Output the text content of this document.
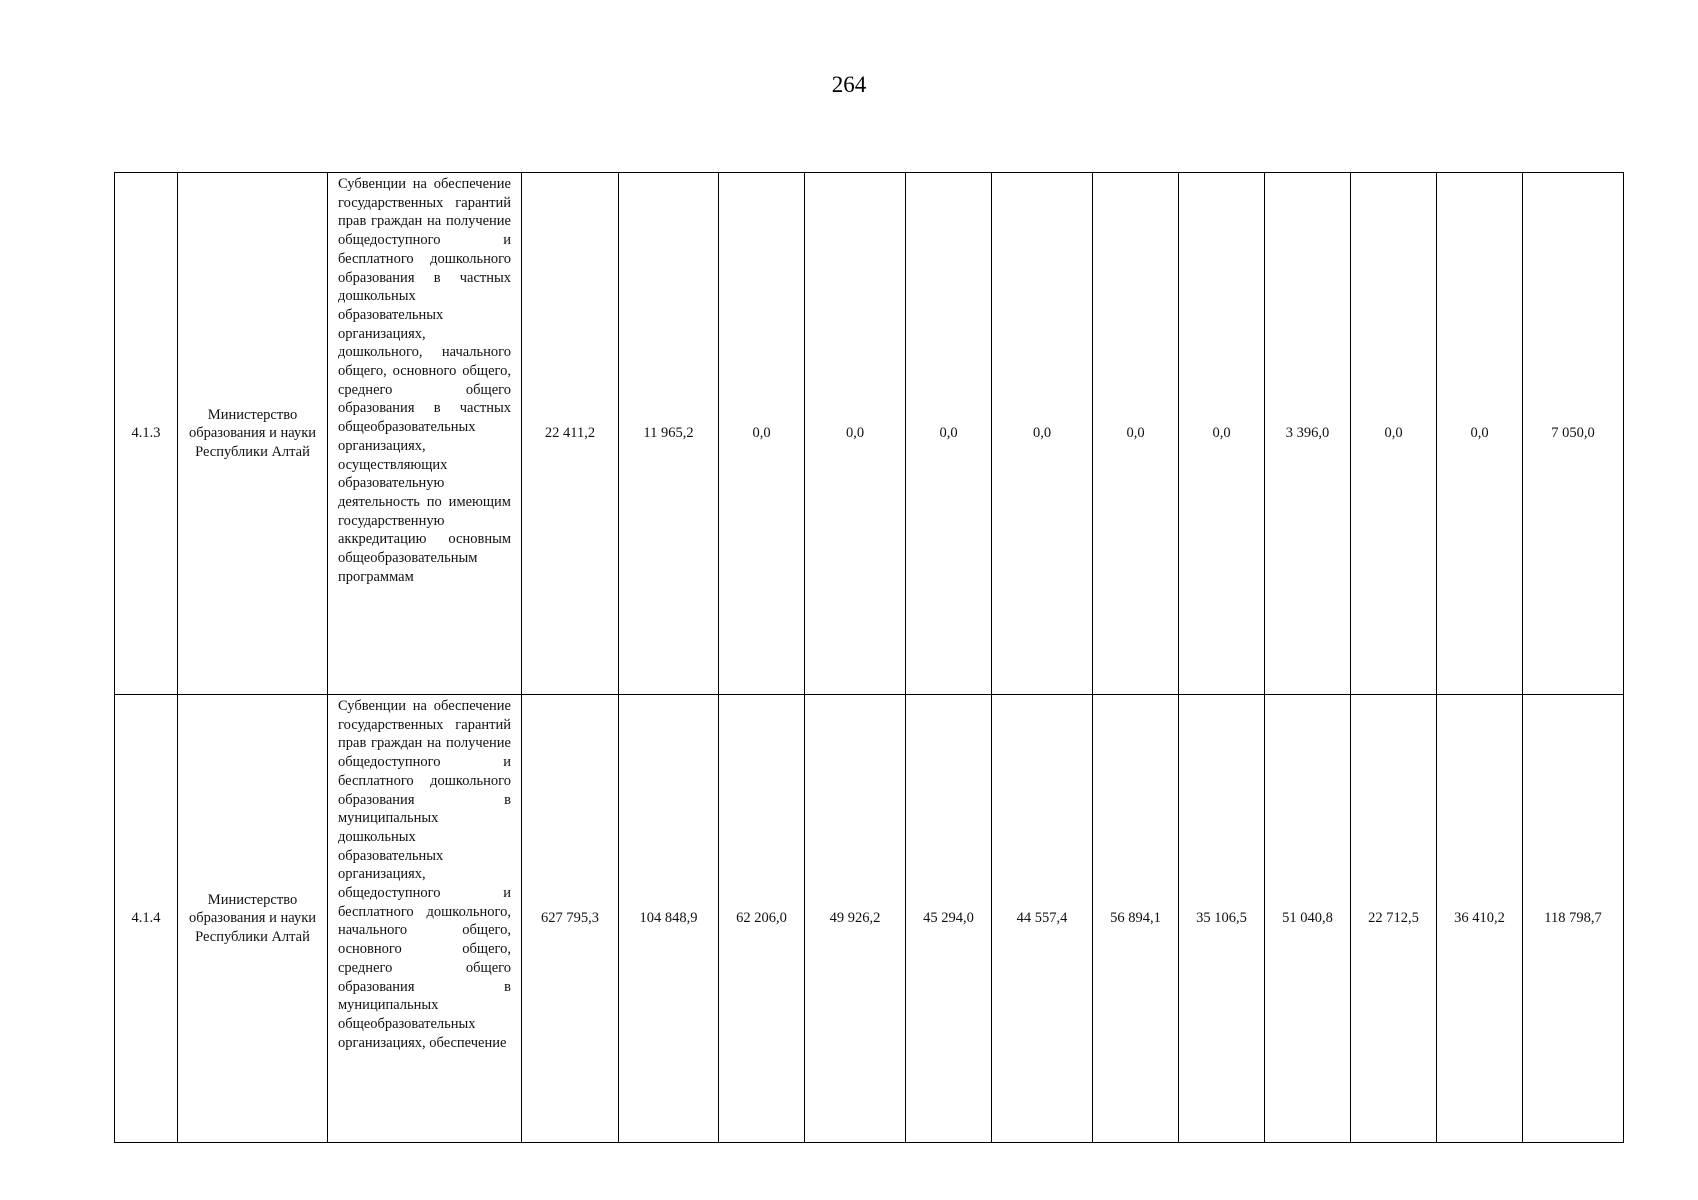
264
4.1.3	Министерство образования и науки Республики Алтай	Субвенции на обеспечение государственных гарантий прав граждан на получение общедоступного и бесплатного дошкольного образования в частных дошкольных образовательных организациях, дошкольного, начального общего, основного общего, среднего общего образования в частных общеобразовательных организациях, осуществляющих образовательную деятельность по имеющим государственную аккредитацию основным общеобразовательным программам	22 411,2	11 965,2	0,0	0,0	0,0	0,0	0,0	0,0	3 396,0	0,0	0,0	7 050,0
4.1.4	Министерство образования и науки Республики Алтай	Субвенции на обеспечение государственных гарантий прав граждан на получение общедоступного и бесплатного дошкольного образования в муниципальных дошкольных образовательных организациях, общедоступного и бесплатного дошкольного, начального общего, основного общего, среднего общего образования в муниципальных общеобразовательных организациях, обеспечение	627 795,3	104 848,9	62 206,0	49 926,2	45 294,0	44 557,4	56 894,1	35 106,5	51 040,8	22 712,5	36 410,2	118 798,7
